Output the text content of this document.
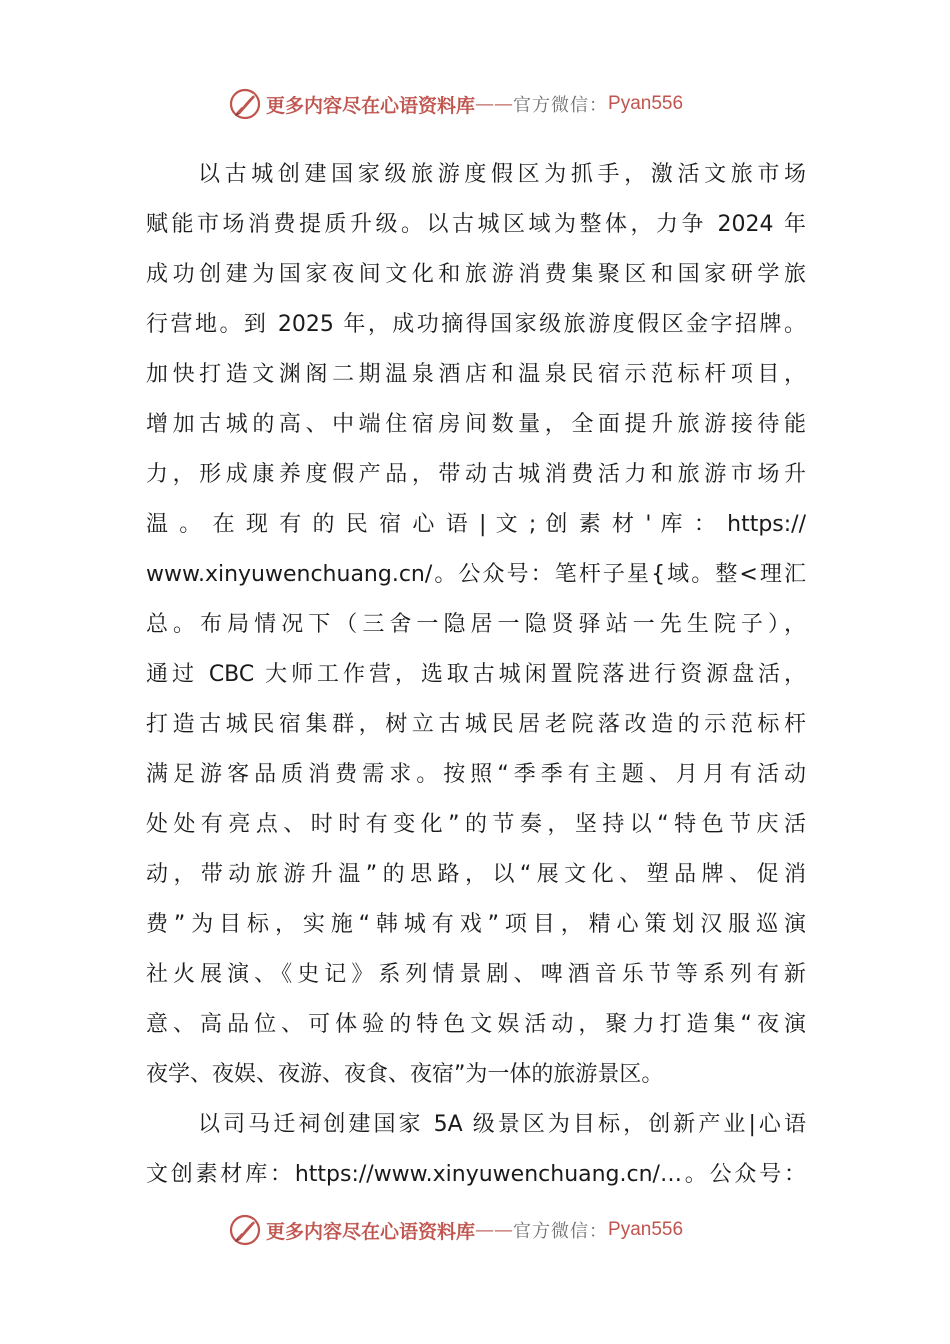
更多内容尽在心语资料库 —— 官方微信： Pyan556
以古城创建国家级旅游度假区为抓手，激活文旅市场
赋能市场消费提质升级。以古城区域为整体，力争 2024 年
成功创建为国家夜间文化和旅游消费集聚区和国家研学旅
行营地。到 2025 年，成功摘得国家级旅游度假区金字招牌。
加快打造文渊阁二期温泉酒店和温泉民宿示范标杆项目，
增加古城的高、中端住宿房间数量，全面提升旅游接待能
力，形成康养度假产品，带动古城消费活力和旅游市场升
温 。 在 现 有 的 民 宿 心 语 | 文 ; 创 素 材 ' 库 ： https://
www.xinyuwenchuang.cn/。公众号：笔杆子星{域。整<理汇
总。布局情况下（三舍一隐居一隐贤驿站一先生院子），
通过 CBC 大师工作营，选取古城闲置院落进行资源盘活，
打造古城民宿集群，树立古城民居老院落改造的示范标杆
满足游客品质消费需求。按照“季季有主题、月月有活动
处处有亮点、时时有变化”的节奏，坚持以“特色节庆活
动，带动旅游升温”的思路，以“展文化、塑品牌、促消
费”为目标，实施“韩城有戏”项目，精心策划汉服巡演
社火展演、《史记》系列情景剧、啤酒音乐节等系列有新
意、高品位、可体验的特色文娱活动，聚力打造集“夜演
夜学、夜娱、夜游、夜食、夜宿”为一体的旅游景区。
以司马迁祠创建国家 5A 级景区为目标，创新产业|心语
文创素材库：https://www.xinyuwenchuang.cn/…。公众号：
更多内容尽在心语资料库 —— 官方微信： Pyan556
